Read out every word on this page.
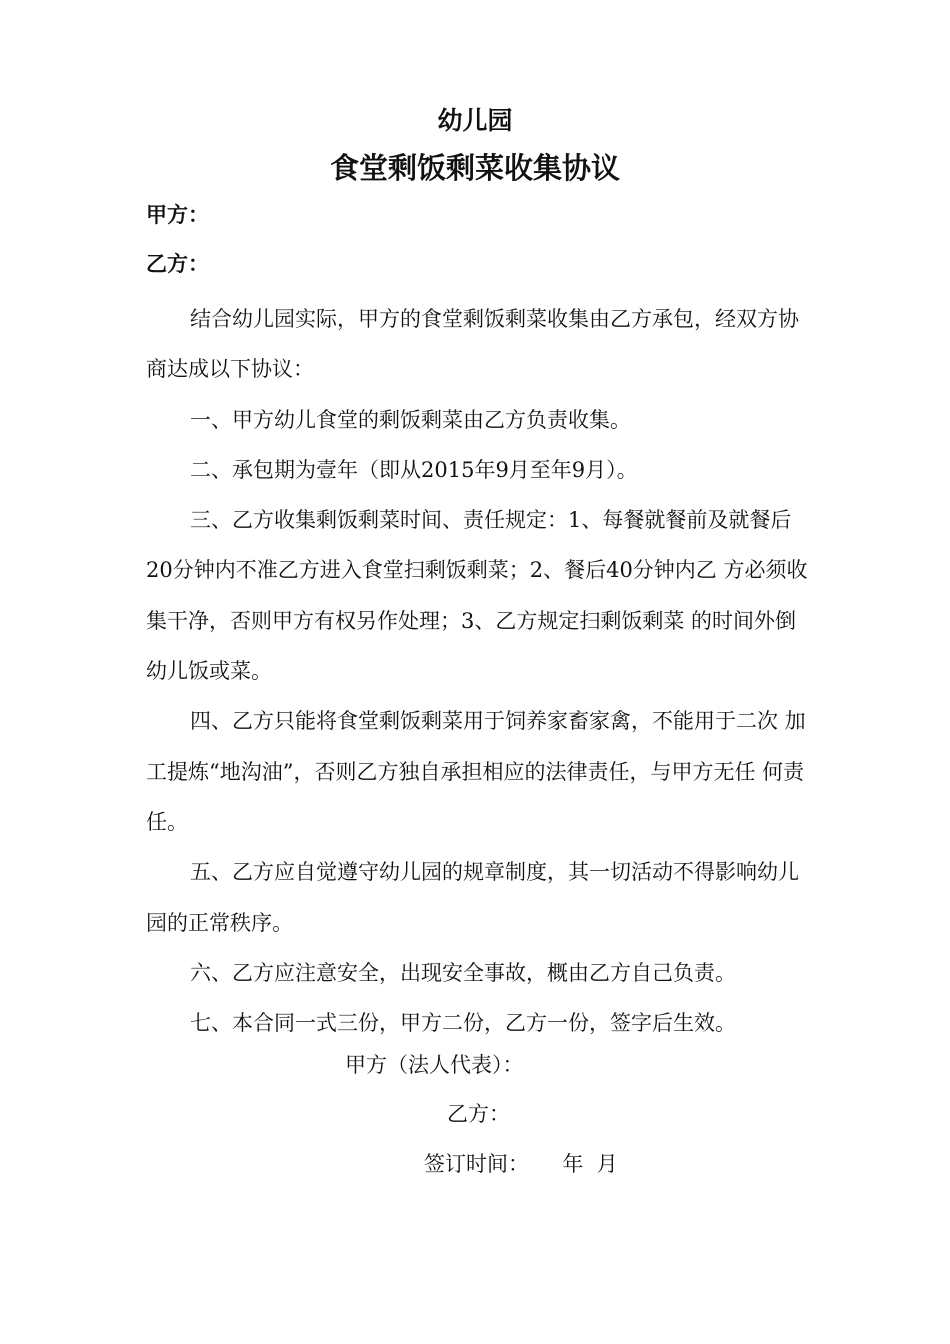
幼儿园
食堂剩饭剩菜收集协议
甲方：
乙方：

结合幼儿园实际，甲方的食堂剩饭剩菜收集由乙方承包，经双方协商达成以下协议：

一、甲方幼儿食堂的剩饭剩菜由乙方负责收集。

二、承包期为壹年（即从2015年9月至年9月）。

三、乙方收集剩饭剩菜时间、责任规定：1、每餐就餐前及就餐后20分钟内不准乙方进入食堂扫剩饭剩菜；2、餐后40分钟内乙 方必须收集干净，否则甲方有权另作处理；3、乙方规定扫剩饭剩菜 的时间外倒幼儿饭或菜。

四、乙方只能将食堂剩饭剩菜用于饲养家畜家禽，不能用于二次 加工提炼“地沟油”，否则乙方独自承担相应的法律责任，与甲方无任 何责任。

五、乙方应自觉遵守幼儿园的规章制度，其一切活动不得影响幼儿园的正常秩序。

六、乙方应注意安全，出现安全事故，概由乙方自己负责。

七、本合同一式三份，甲方二份，乙方一份，签字后生效。

甲方（法人代表）：
乙方：
签订时间：     年  月
